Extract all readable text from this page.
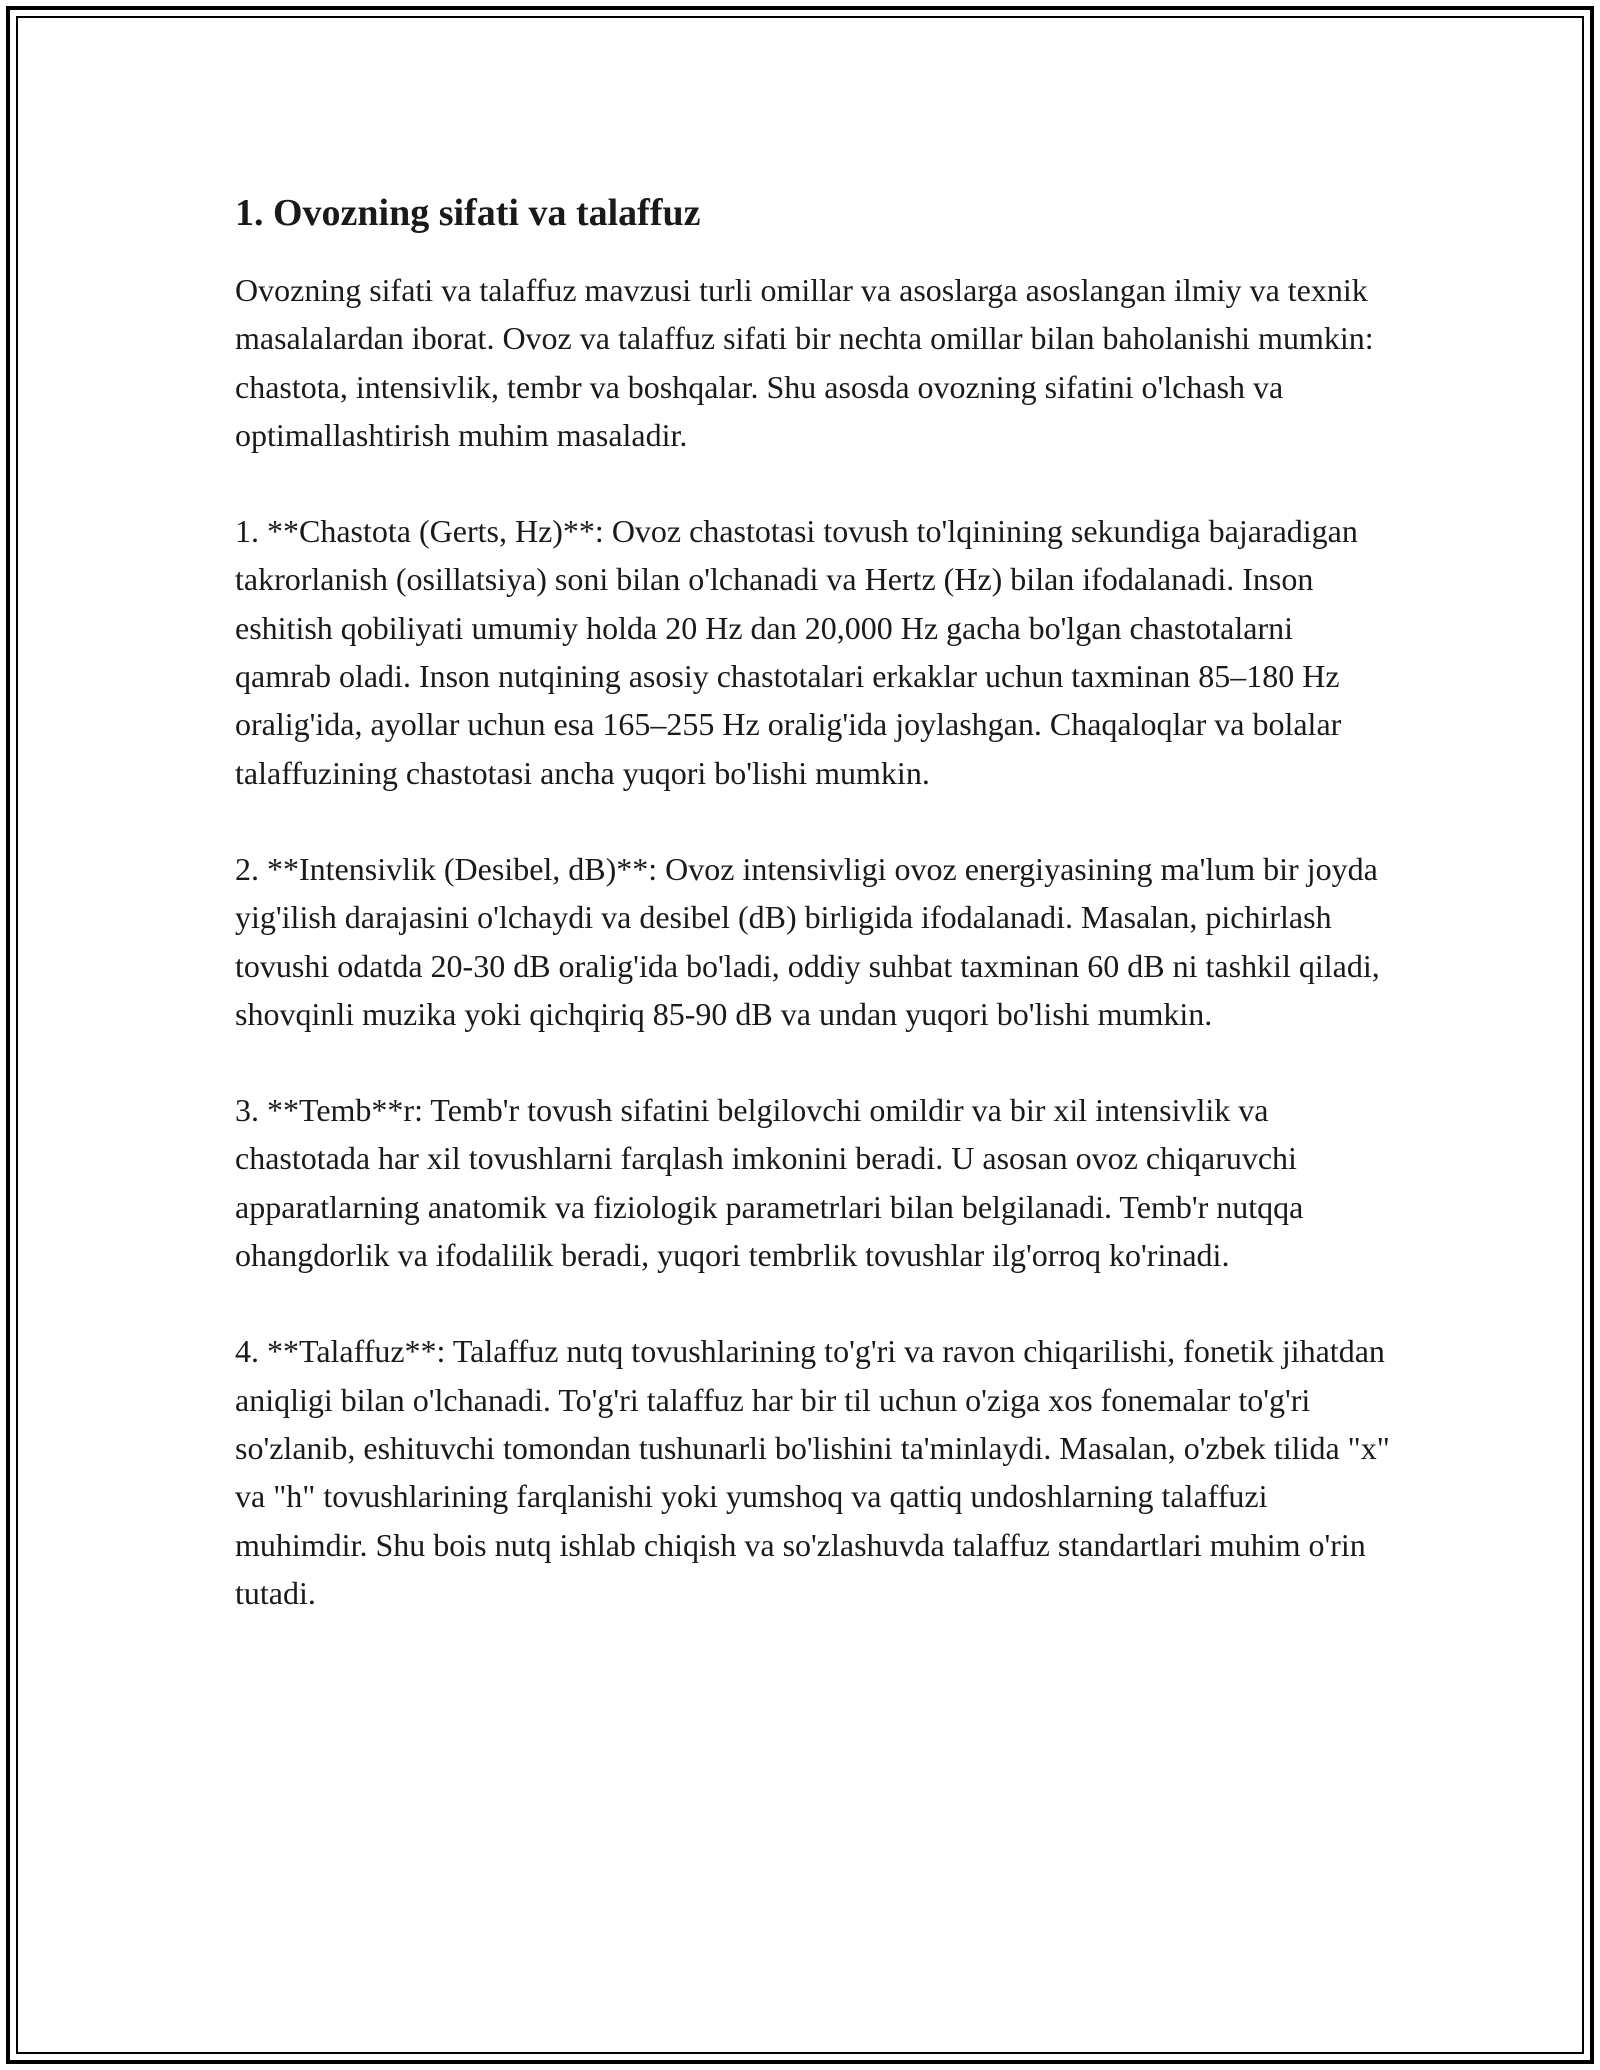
1. Ovozning sifati va talaffuz

Ovozning sifati va talaffuz mavzusi turli omillar va asoslarga asoslangan ilmiy va texnik masalalardan iborat. Ovoz va talaffuz sifati bir nechta omillar bilan baholanishi mumkin: chastota, intensivlik, tembr va boshqalar. Shu asosda ovozning sifatini o'lchash va optimallashtirish muhim masaladir.

1. **Chastota (Gerts, Hz)**: Ovoz chastotasi tovush to'lqinining sekundiga bajaradigan takrorlanish (osillatsiya) soni bilan o'lchanadi va Hertz (Hz) bilan ifodalanadi. Inson eshitish qobiliyati umumiy holda 20 Hz dan 20,000 Hz gacha bo'lgan chastotalarni qamrab oladi. Inson nutqining asosiy chastotalari erkaklar uchun taxminan 85–180 Hz oralig'ida, ayollar uchun esa 165–255 Hz oralig'ida joylashgan. Chaqaloqlar va bolalar talaffuzining chastotasi ancha yuqori bo'lishi mumkin.

2. **Intensivlik (Desibel, dB)**: Ovoz intensivligi ovoz energiyasining ma'lum bir joyda yig'ilish darajasini o'lchaydi va desibel (dB) birligida ifodalanadi. Masalan, pichirlash tovushi odatda 20-30 dB oralig'ida bo'ladi, oddiy suhbat taxminan 60 dB ni tashkil qiladi, shovqinli muzika yoki qichqiriq 85-90 dB va undan yuqori bo'lishi mumkin.

3. **Temb**r: Temb'r tovush sifatini belgilovchi omildir va bir xil intensivlik va chastotada har xil tovushlarni farqlash imkonini beradi. U asosan ovoz chiqaruvchi apparatlarning anatomik va fiziologik parametrlari bilan belgilanadi. Temb'r nutqqa ohangdorlik va ifodalilik beradi, yuqori tembrlik tovushlar ilg'orroq ko'rinadi.

4. **Talaffuz**: Talaffuz nutq tovushlarining to'g'ri va ravon chiqarilishi, fonetik jihatdan aniqligi bilan o'lchanadi. To'g'ri talaffuz har bir til uchun o'ziga xos fonemalar to'g'ri so'zlanib, eshituvchi tomondan tushunarli bo'lishini ta'minlaydi. Masalan, o'zbek tilida "x" va "h" tovushlarining farqlanishi yoki yumshoq va qattiq undoshlarning talaffuzi muhimdir. Shu bois nutq ishlab chiqish va so'zlashuvda talaffuz standartlari muhim o'rin tutadi.
